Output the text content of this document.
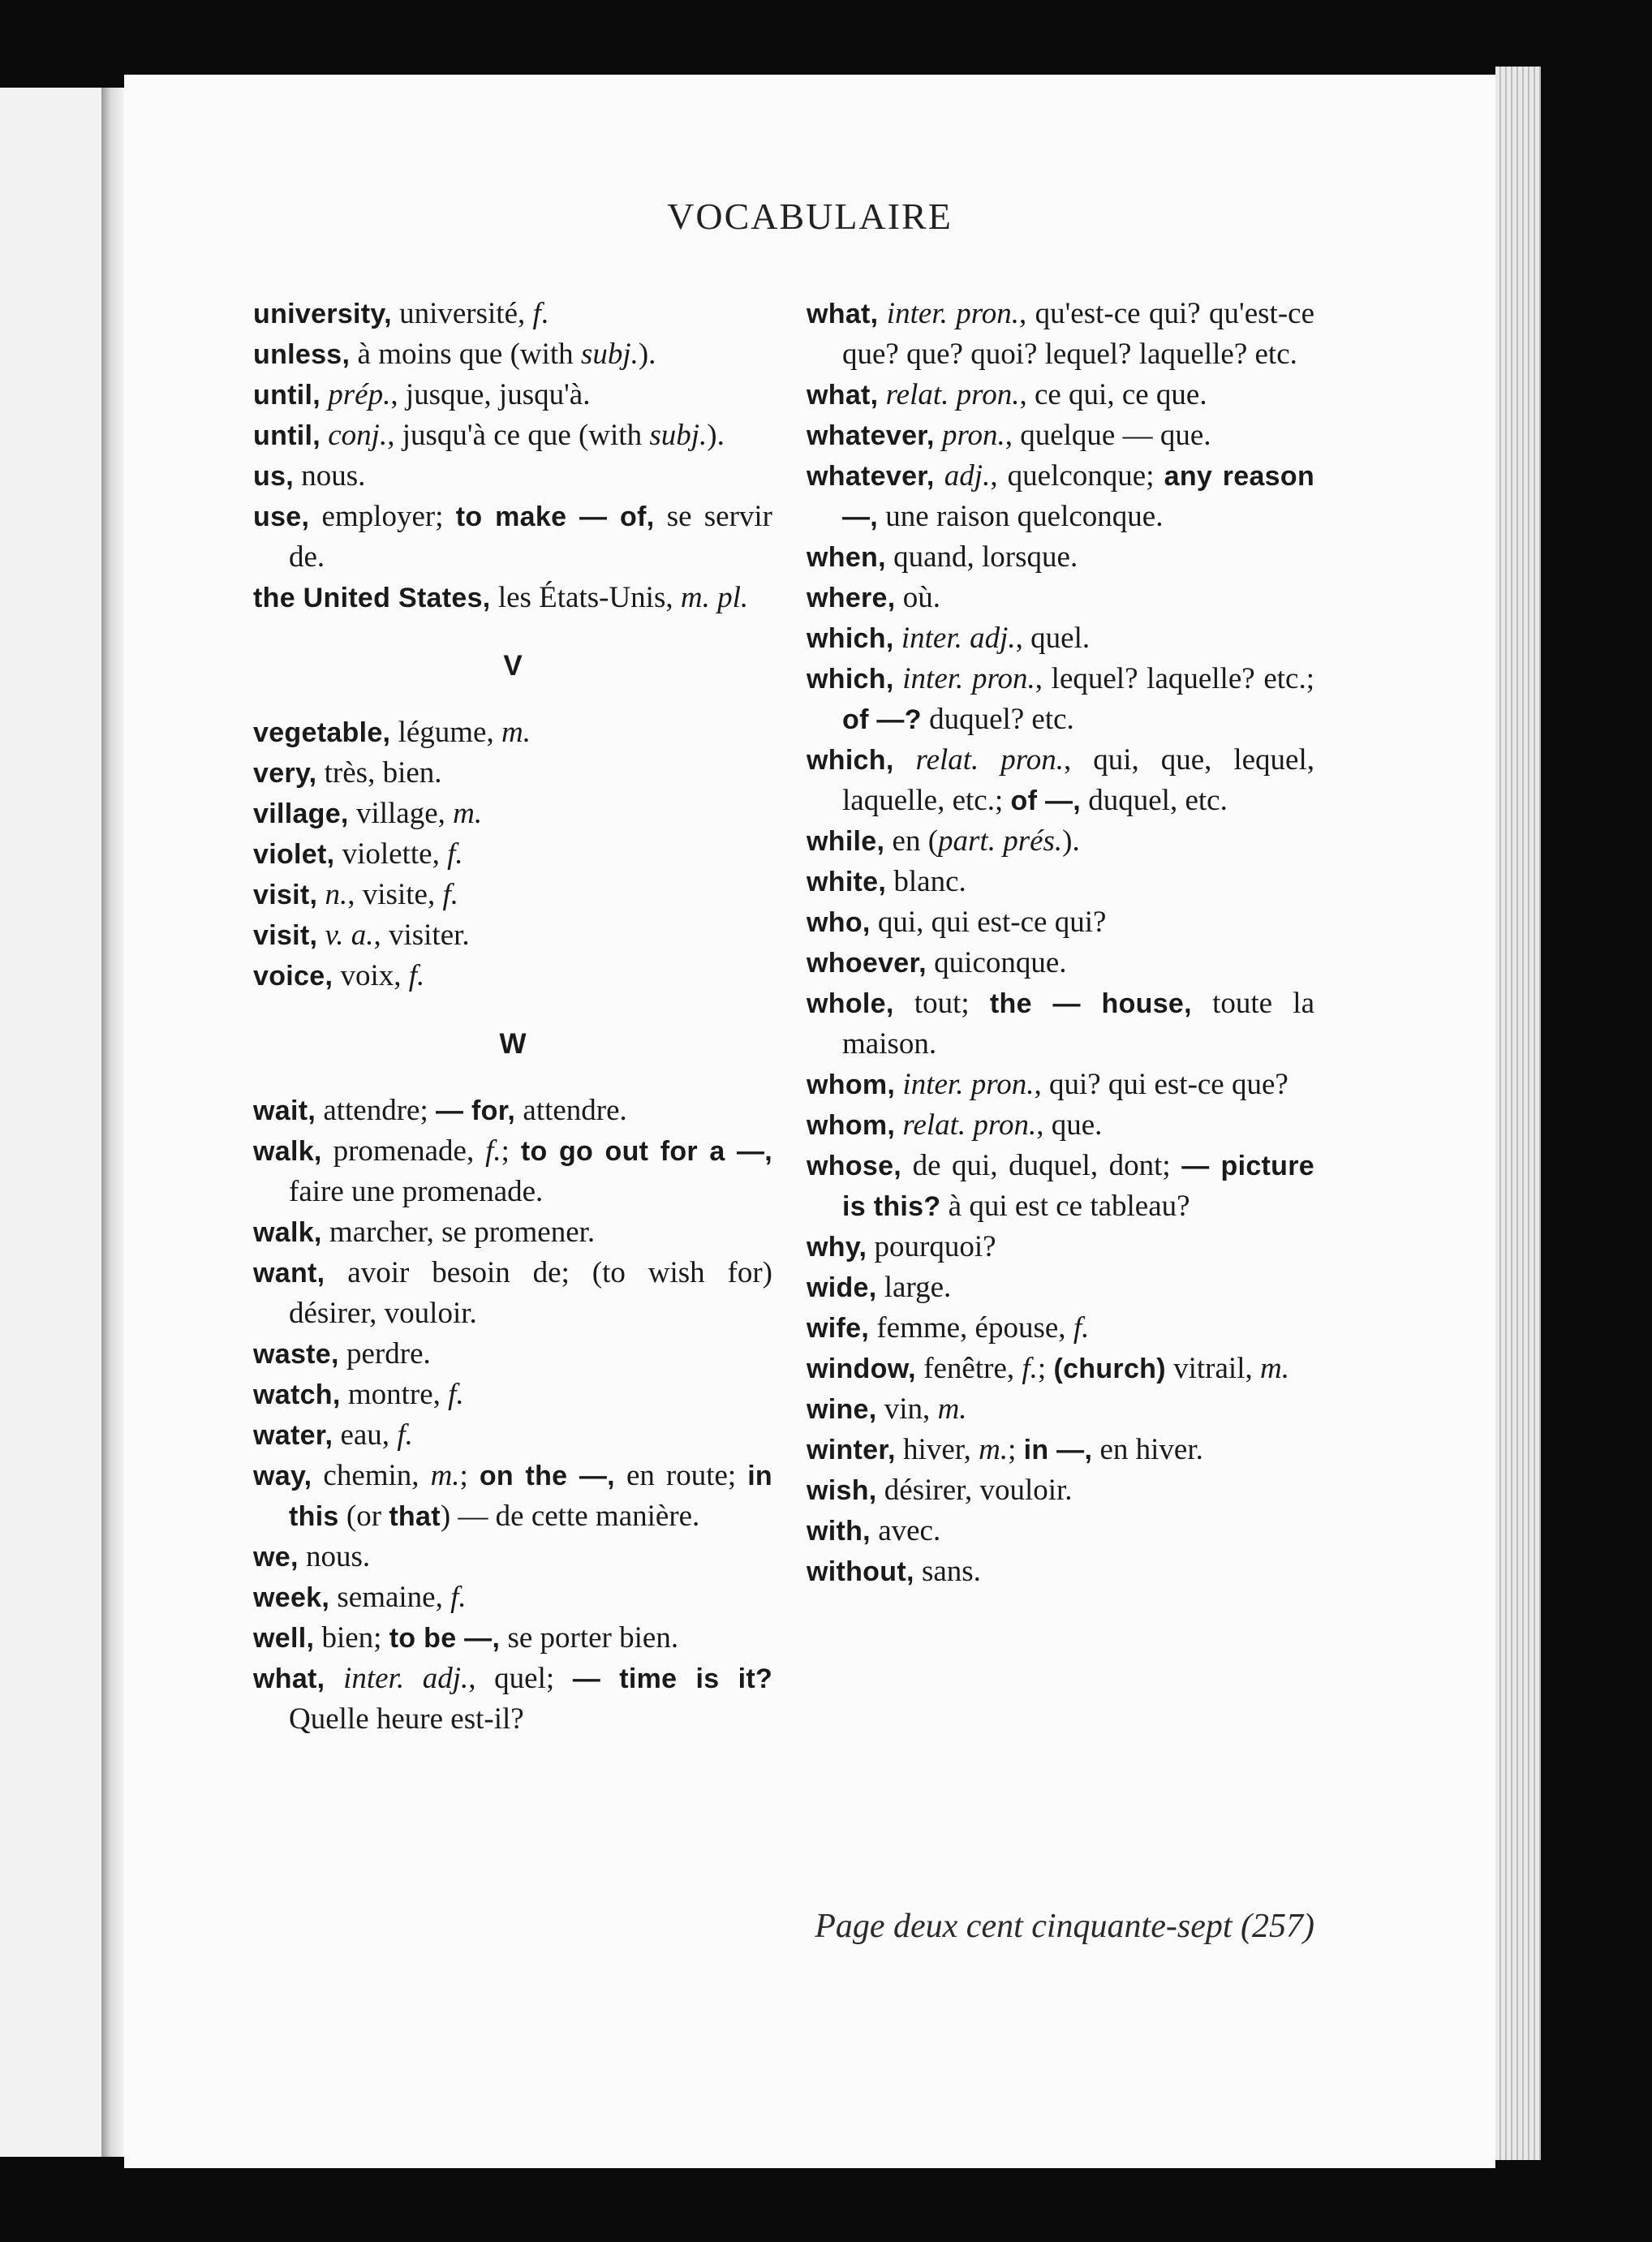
VOCABULAIRE
university, université, f.
unless, à moins que (with subj.).
until, prép., jusque, jusqu'à.
until, conj., jusqu'à ce que (with subj.).
us, nous.
use, employer; to make — of, se servir de.
the United States, les États-Unis, m. pl.
V
vegetable, légume, m.
very, très, bien.
village, village, m.
violet, violette, f.
visit, n., visite, f.
visit, v. a., visiter.
voice, voix, f.
W
wait, attendre; — for, attendre.
walk, promenade, f.; to go out for a —, faire une promenade.
walk, marcher, se promener.
want, avoir besoin de; (to wish for) désirer, vouloir.
waste, perdre.
watch, montre, f.
water, eau, f.
way, chemin, m.; on the —, en route; in this (or that) — de cette manière.
we, nous.
week, semaine, f.
well, bien; to be —, se porter bien.
what, inter. adj., quel; — time is it? Quelle heure est-il?
what, inter. pron., qu'est-ce qui? qu'est-ce que? que? quoi? lequel? laquelle? etc.
what, relat. pron., ce qui, ce que.
whatever, pron., quelque — que.
whatever, adj., quelconque; any reason —, une raison quelconque.
when, quand, lorsque.
where, où.
which, inter. adj., quel.
which, inter. pron., lequel? laquelle? etc.; of —? duquel? etc.
which, relat. pron., qui, que, lequel, laquelle, etc.; of —, duquel, etc.
while, en (part. prés.).
white, blanc.
who, qui, qui est-ce qui?
whoever, quiconque.
whole, tout; the — house, toute la maison.
whom, inter. pron., qui? qui est-ce que?
whom, relat. pron., que.
whose, de qui, duquel, dont; — picture is this? à qui est ce tableau?
why, pourquoi?
wide, large.
wife, femme, épouse, f.
window, fenêtre, f.; (church) vitrail, m.
wine, vin, m.
winter, hiver, m.; in —, en hiver.
wish, désirer, vouloir.
with, avec.
without, sans.
Page deux cent cinquante-sept (257)
